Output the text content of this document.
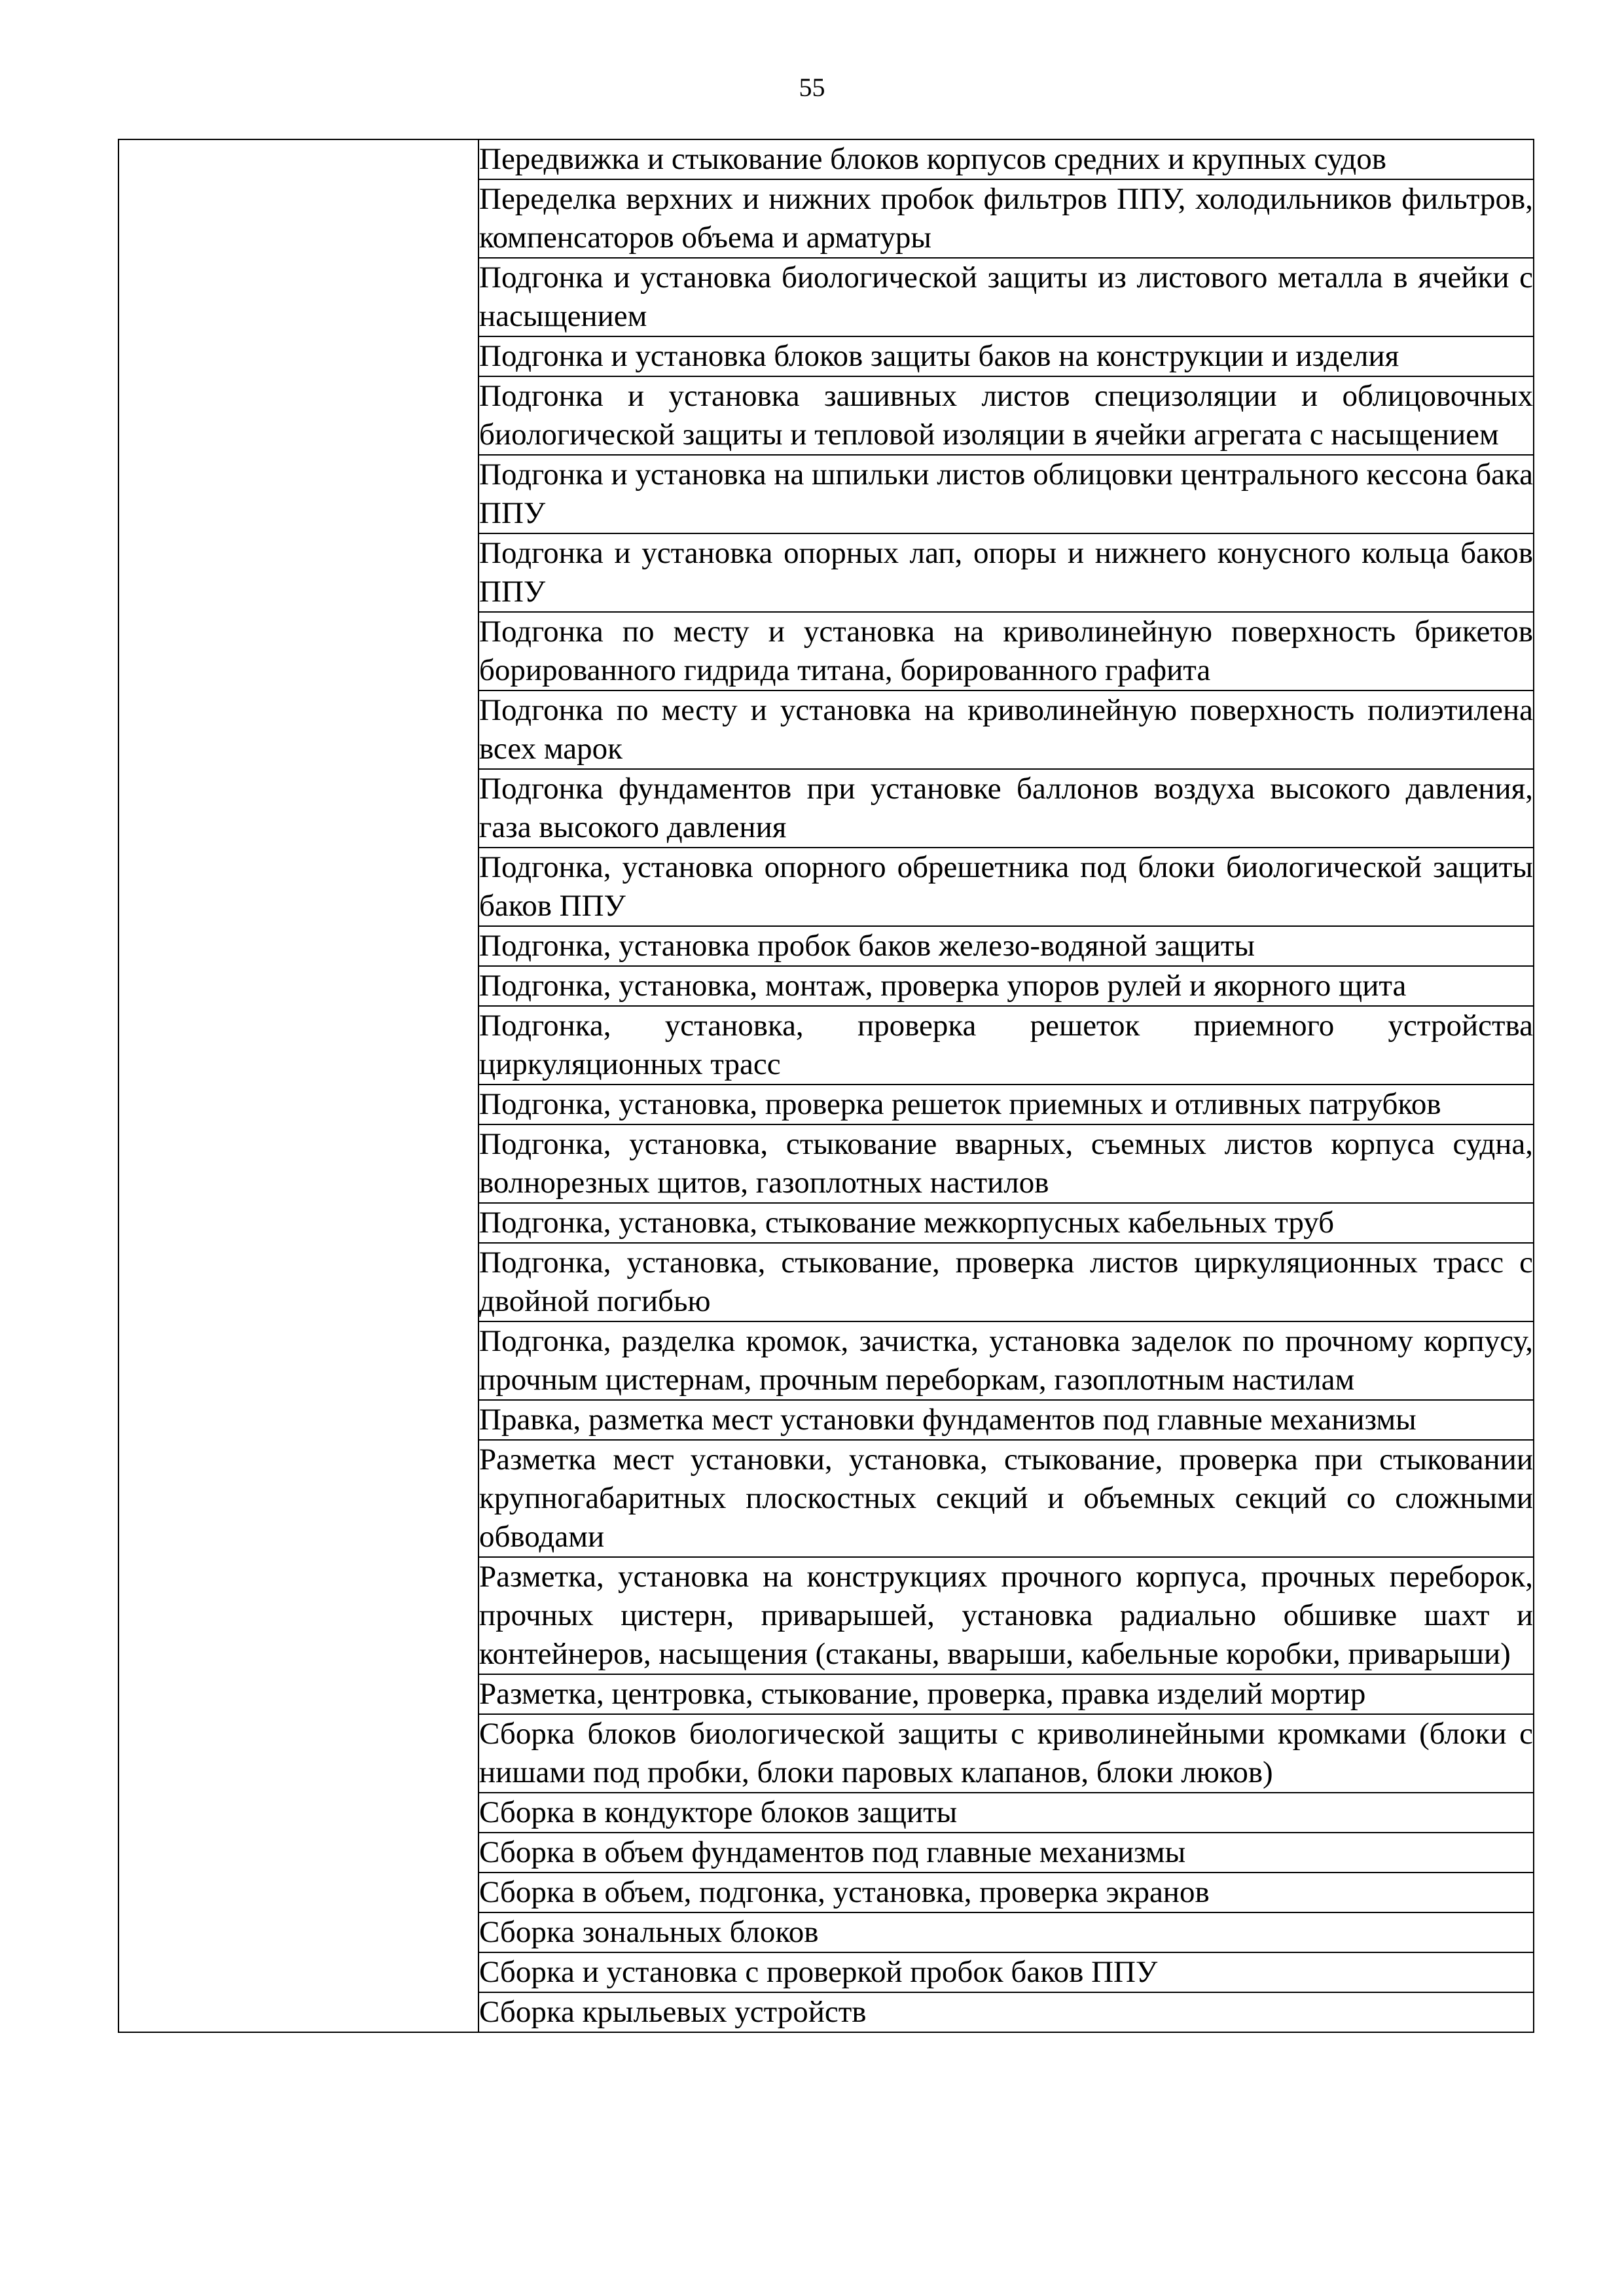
55
	Передвижка и стыкование блоков корпусов средних и крупных судов
Переделка верхних и нижних пробок фильтров ППУ, холодильников фильтров, компенсаторов объема и арматуры
Подгонка и установка биологической защиты из листового металла в ячейки с насыщением
Подгонка и установка блоков защиты баков на конструкции и изделия
Подгонка и установка зашивных листов специзоляции и облицовочных биологической защиты и тепловой изоляции в ячейки агрегата с насыщением
Подгонка и установка на шпильки листов облицовки центрального кессона бака ППУ
Подгонка и установка опорных лап, опоры и нижнего конусного кольца баков ППУ
Подгонка по месту и установка на криволинейную поверхность брикетов борированного гидрида титана, борированного графита
Подгонка по месту и установка на криволинейную поверхность полиэтилена всех марок
Подгонка фундаментов при установке баллонов воздуха высокого давления, газа высокого давления
Подгонка, установка опорного обрешетника под блоки биологической защиты баков ППУ
Подгонка, установка пробок баков железо-водяной защиты
Подгонка, установка, монтаж, проверка упоров рулей и якорного щита
Подгонка, установка, проверка решеток приемного устройства циркуляционных трасс
Подгонка, установка, проверка решеток приемных и отливных патрубков
Подгонка, установка, стыкование вварных, съемных листов корпуса судна, волнорезных щитов, газоплотных настилов
Подгонка, установка, стыкование межкорпусных кабельных труб
Подгонка, установка, стыкование, проверка листов циркуляционных трасс с двойной погибью
Подгонка, разделка кромок, зачистка, установка заделок по прочному корпусу, прочным цистернам, прочным переборкам, газоплотным настилам
Правка, разметка мест установки фундаментов под главные механизмы
Разметка мест установки, установка, стыкование, проверка при стыковании крупногабаритных плоскостных секций и объемных секций со сложными обводами
Разметка, установка на конструкциях прочного корпуса, прочных переборок, прочных цистерн, приварышей, установка радиально обшивке шахт и контейнеров, насыщения (стаканы, вварыши, кабельные коробки, приварыши)
Разметка, центровка, стыкование, проверка, правка изделий мортир
Сборка блоков биологической защиты с криволинейными кромками (блоки с нишами под пробки, блоки паровых клапанов, блоки люков)
Сборка в кондукторе блоков защиты
Сборка в объем фундаментов под главные механизмы
Сборка в объем, подгонка, установка, проверка экранов
Сборка зональных блоков
Сборка и установка с проверкой пробок баков ППУ
Сборка крыльевых устройств
